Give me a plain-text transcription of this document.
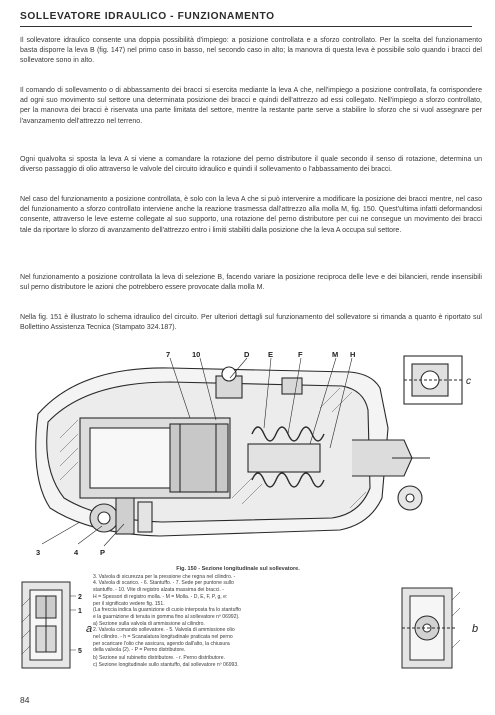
SOLLEVATORE IDRAULICO - FUNZIONAMENTO

Il sollevatore idraulico consente una doppia possibilità d'impiego: a posizione controllata e a sforzo controllato. Per la scelta del funzionamento basta disporre la leva B (fig. 147) nel primo caso in basso, nel secondo caso in alto; la manovra di questa leva è possibile solo quando i bracci del sollevatore sono in alto.

Il comando di sollevamento o di abbassamento dei bracci si esercita mediante la leva A che, nell'impiego a posizione controllata, fa corrispondere ad ogni suo movimento sul settore una determinata posizione dei bracci e quindi dell'attrezzo ad essi collegato. Nell'impiego a sforzo controllato, per la manovra dei bracci è riservata una parte limitata del settore, mentre la restante parte serve a stabilire lo sforzo che si vuol assegnare per l'avanzamento dell'attrezzo nel terreno.

Ogni qualvolta si sposta la leva A si viene a comandare la rotazione del perno distributore il quale secondo il senso di rotazione, determina un diverso passaggio di olio attraverso le valvole del circuito idraulico e quindi il sollevamento o l'abbassamento dei bracci.

Nel caso del funzionamento a posizione controllata, è solo con la leva A che si può intervenire a modificare la posizione dei bracci mentre, nel caso del funzionamento a sforzo controllato interviene anche la reazione trasmessa dall'attrezzo alla molla M, fig. 150. Quest'ultima infatti deformandosi consente, attraverso le leve esterne collegate al suo supporto, una rotazione del perno distributore per cui ne consegue un movimento dei bracci tale da riportare lo sforzo di avanzamento dell'attrezzo entro i limiti stabiliti dalla posizione che la leva A occupa sul settore.

Nel funzionamento a posizione controllata la leva di selezione B, facendo variare la posizione reciproca delle leve e dei bilancieri, rende insensibili sul perno distributore le azioni che potrebbero essere provocate dalla molla M.

Nella fig. 151 è illustrato lo schema idraulico del circuito. Per ulteriori dettagli sul funzionamento del sollevatore si rimanda a quanto è riportato sul Bollettino Assistenza Tecnica (Stampato 324.187).

7	10	D E	F	M H
3	4	P
c
2
1
5
a	b
Fig. 150 - Sezione longitudinale sul sollevatore.
3. Valvola di sicurezza per la pressione che regna nel cilindro. -
4. Valvola di scarico. - 6. Stantuffo. - 7. Sede per puntone sullo
stantuffo. - 10. Vite di registro alzata massima dei bracci. -
H = Spessori di registro molla. - M = Molla. - D, E, F, P, g, e:
per il significato vedere fig. 151.
(La freccia indica la guarnizione di cuoio interposta fra lo stantuffo
e la guarnizione di tenuta in gomma fino al sollevatore nº 06992).
a) Sezione sulla valvola di ammissione al cilindro.
2. Valvola comando sollevatore. - 5. Valvola di ammissione olio
nel cilindro. - h = Scanalatura longitudinale praticata nel perno
per scaricare l'olio che assicura, agendo dall'alto, la chiusura
della valvola (2). - P = Perno distributore.
b) Sezione sul rubinetto distributore. - r. Perno distributore.
c) Sezione longitudinale sullo stantuffo, dal sollevatore nº 06993.
84
